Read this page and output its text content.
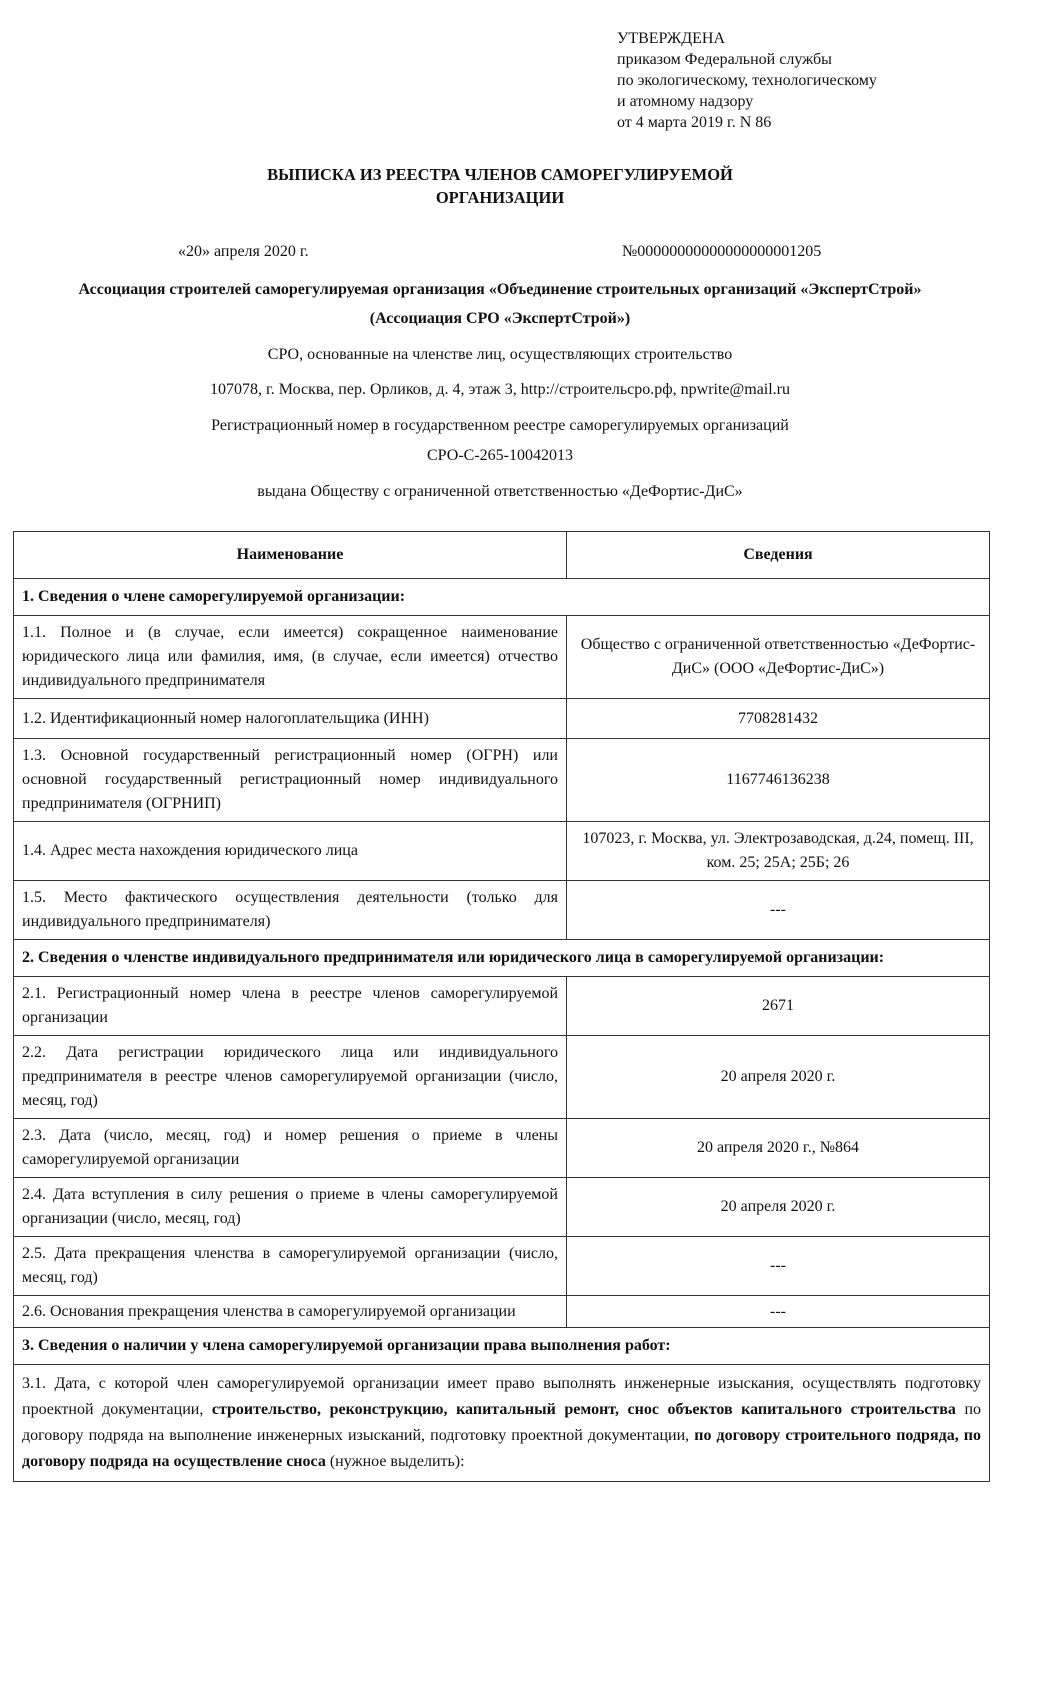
УТВЕРЖДЕНА
приказом Федеральной службы
по экологическому, технологическому
и атомному надзору
от 4 марта 2019 г. N 86
ВЫПИСКА ИЗ РЕЕСТРА ЧЛЕНОВ САМОРЕГУЛИРУЕМОЙ
ОРГАНИЗАЦИИ
«20» апреля 2020 г.	№00000000000000000001205
Ассоциация строителей саморегулируемая организация «Объединение строительных организаций «ЭкспертСтрой»
(Ассоциация СРО «ЭкспертСтрой»)
СРО, основанные на членстве лиц, осуществляющих строительство
107078, г. Москва, пер. Орликов, д. 4, этаж 3, http://строительсро.рф, npwrite@mail.ru
Регистрационный номер в государственном реестре саморегулируемых организаций
СРО-С-265-10042013
выдана Обществу с ограниченной ответственностью «ДеФортис-ДиС»
Наименование	Сведения
1. Сведения о члене саморегулируемой организации:	
1.1. Полное и (в случае, если имеется) сокращенное наименование юридического лица или фамилия, имя, (в случае, если имеется) отчество индивидуального предпринимателя	Общество с ограниченной ответственностью «ДеФортис-ДиС» (ООО «ДеФортис-ДиС»)
1.2. Идентификационный номер налогоплательщика (ИНН)	7708281432
1.3. Основной государственный регистрационный номер (ОГРН) или основной государственный регистрационный номер индивидуального предпринимателя (ОГРНИП)	1167746136238
1.4. Адрес места нахождения юридического лица	107023, г. Москва, ул. Электрозаводская, д.24, помещ. III, ком. 25; 25А; 25Б; 26
1.5. Место фактического осуществления деятельности (только для индивидуального предпринимателя)	---
2. Сведения о членстве индивидуального предпринимателя или юридического лица в саморегулируемой организации:	
2.1. Регистрационный номер члена в реестре членов саморегулируемой организации	2671
2.2. Дата регистрации юридического лица или индивидуального предпринимателя в реестре членов саморегулируемой организации (число, месяц, год)	20 апреля 2020 г.
2.3. Дата (число, месяц, год) и номер решения о приеме в члены саморегулируемой организации	20 апреля 2020 г., №864
2.4. Дата вступления в силу решения о приеме в члены саморегулируемой организации (число, месяц, год)	20 апреля 2020 г.
2.5. Дата прекращения членства в саморегулируемой организации (число, месяц, год)	---
2.6. Основания прекращения членства в саморегулируемой организации	---
3. Сведения о наличии у члена саморегулируемой организации права выполнения работ:	
3.1. Дата, с которой член саморегулируемой организации имеет право выполнять инженерные изыскания, осуществлять подготовку проектной документации, строительство, реконструкцию, капитальный ремонт, снос объектов капитального строительства по договору подряда на выполнение инженерных изысканий, подготовку проектной документации, по договору строительного подряда, по договору подряда на осуществление сноса (нужное выделить):	
